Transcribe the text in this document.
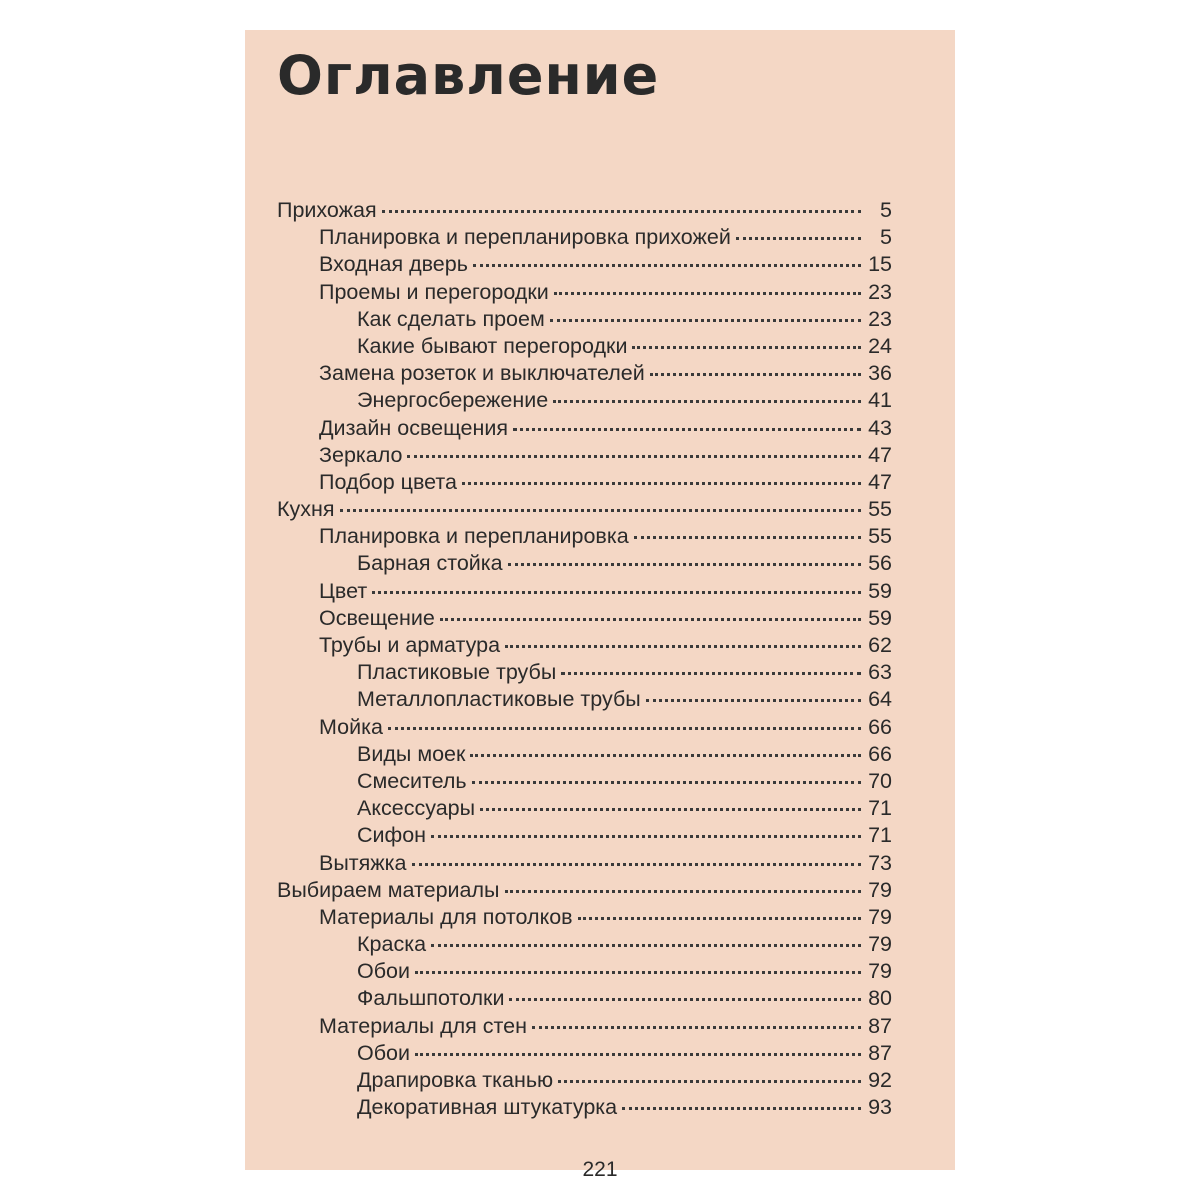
Оглавление
Прихожая	5
Планировка и перепланировка прихожей	5
Входная дверь	15
Проемы и перегородки	23
Как сделать проем	23
Какие бывают перегородки	24
Замена розеток и выключателей	36
Энергосбережение	41
Дизайн освещения	43
Зеркало	47
Подбор цвета	47
Кухня	55
Планировка и перепланировка	55
Барная стойка	56
Цвет	59
Освещение	59
Трубы и арматура	62
Пластиковые трубы	63
Металлопластиковые трубы	64
Мойка	66
Виды моек	66
Смеситель	70
Аксессуары	71
Сифон	71
Вытяжка	73
Выбираем материалы	79
Материалы для потолков	79
Краска	79
Обои	79
Фальшпотолки	80
Материалы для стен	87
Обои	87
Драпировка тканью	92
Декоративная штукатурка	93
221
